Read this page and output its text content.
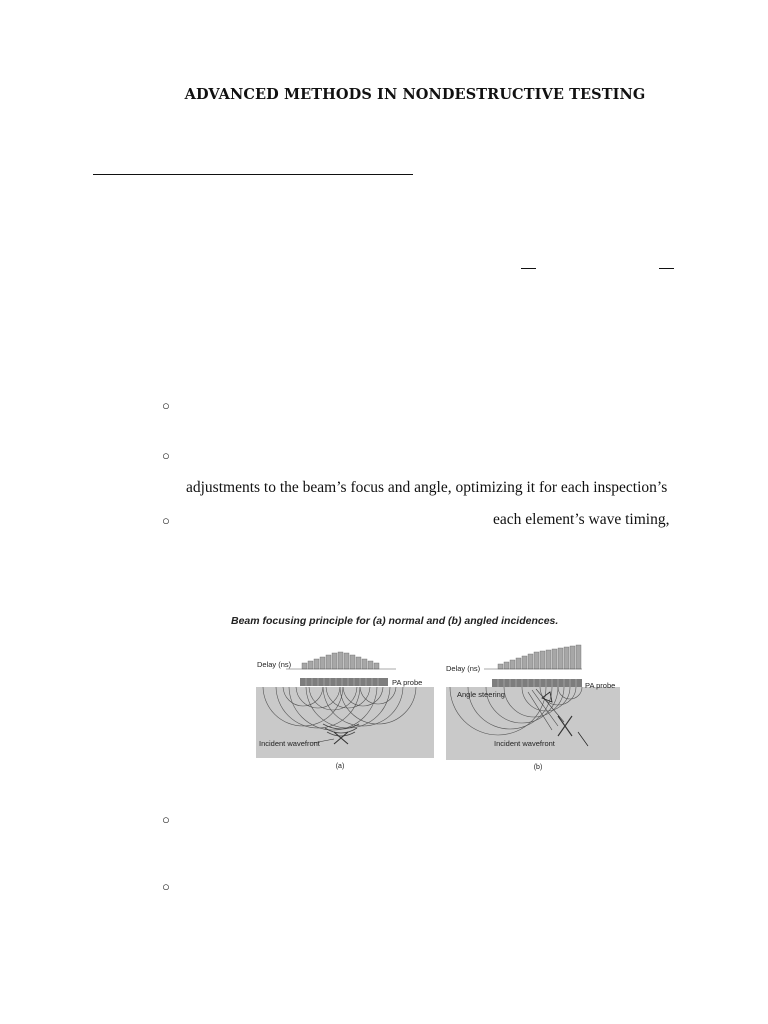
ADVANCED METHODS IN NONDESTRUCTIVE TESTING
○
○
adjustments to the beam’s focus and angle, optimizing it for each inspection’s
○	each element’s wave timing,
Beam focusing principle for (a) normal and (b) angled incidences.
Delay (ns)
PA probe
Incident wavefront
(a)
Delay (ns)
PA probe
Angle steering
Incident wavefront
(b)
○
○
